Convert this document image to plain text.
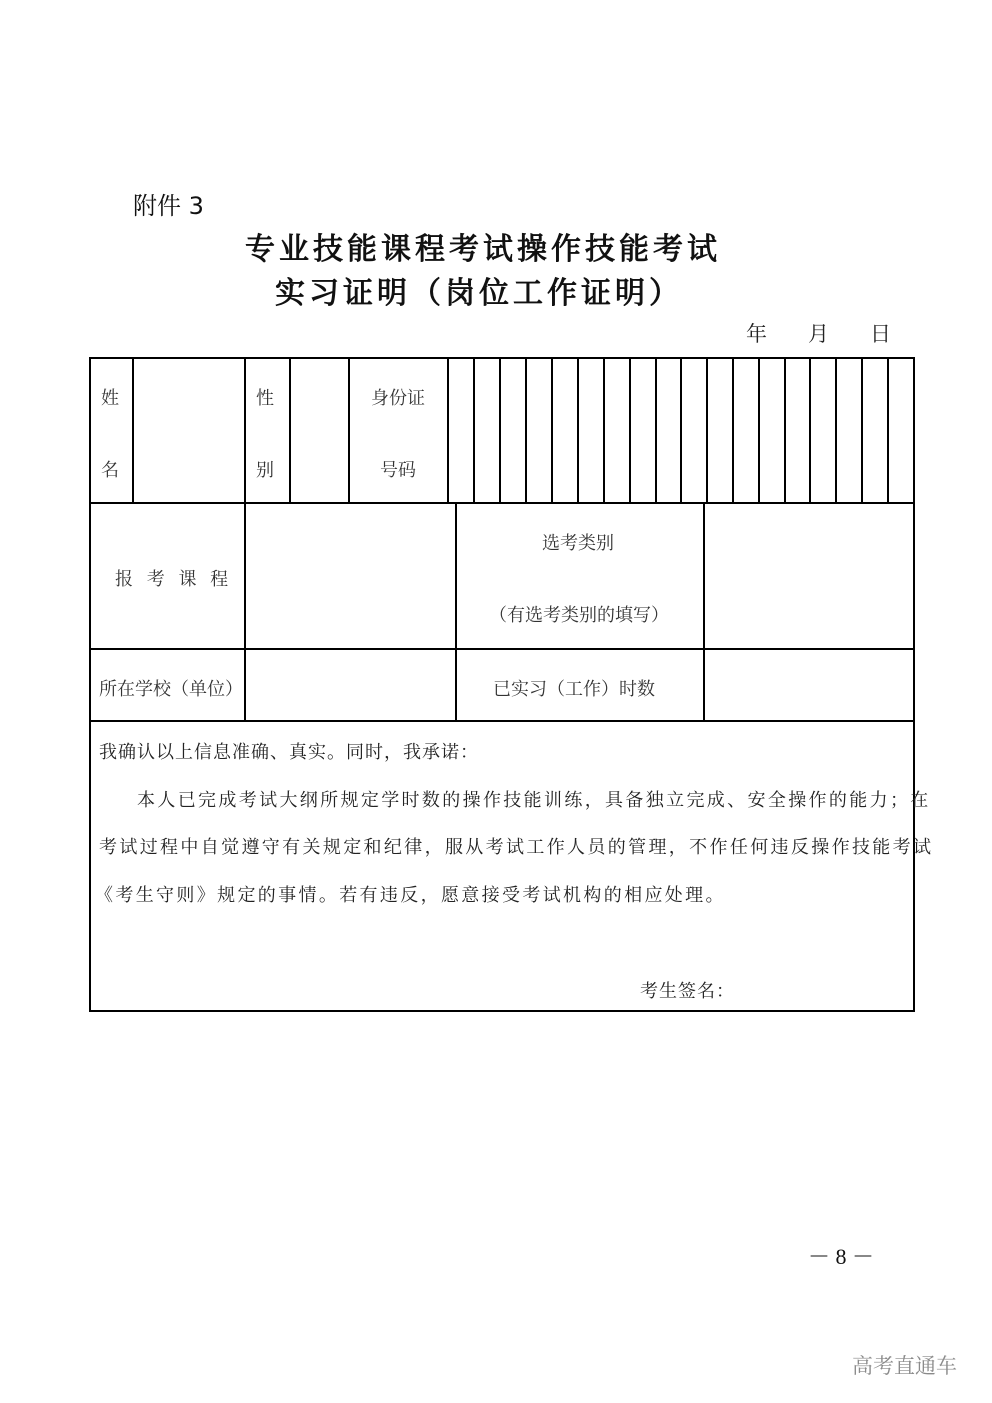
附件 3
专业技能课程考试操作技能考试
实习证明（岗位工作证明）
年 月 日
姓
名
性
别
身份证
号码
报 考 课 程
选考类别
（有选考类别的填写）
所在学校（单位）	已实习（工作）时数
我确认以上信息准确、真实。同时，我承诺：
本人已完成考试大纲所规定学时数的操作技能训练，具备独立完成、安全操作的能力；在
考试过程中自觉遵守有关规定和纪律，服从考试工作人员的管理，不作任何违反操作技能考试
《考生守则》规定的事情。若有违反，愿意接受考试机构的相应处理。
考生签名：
－ 8 －
高考直通车
